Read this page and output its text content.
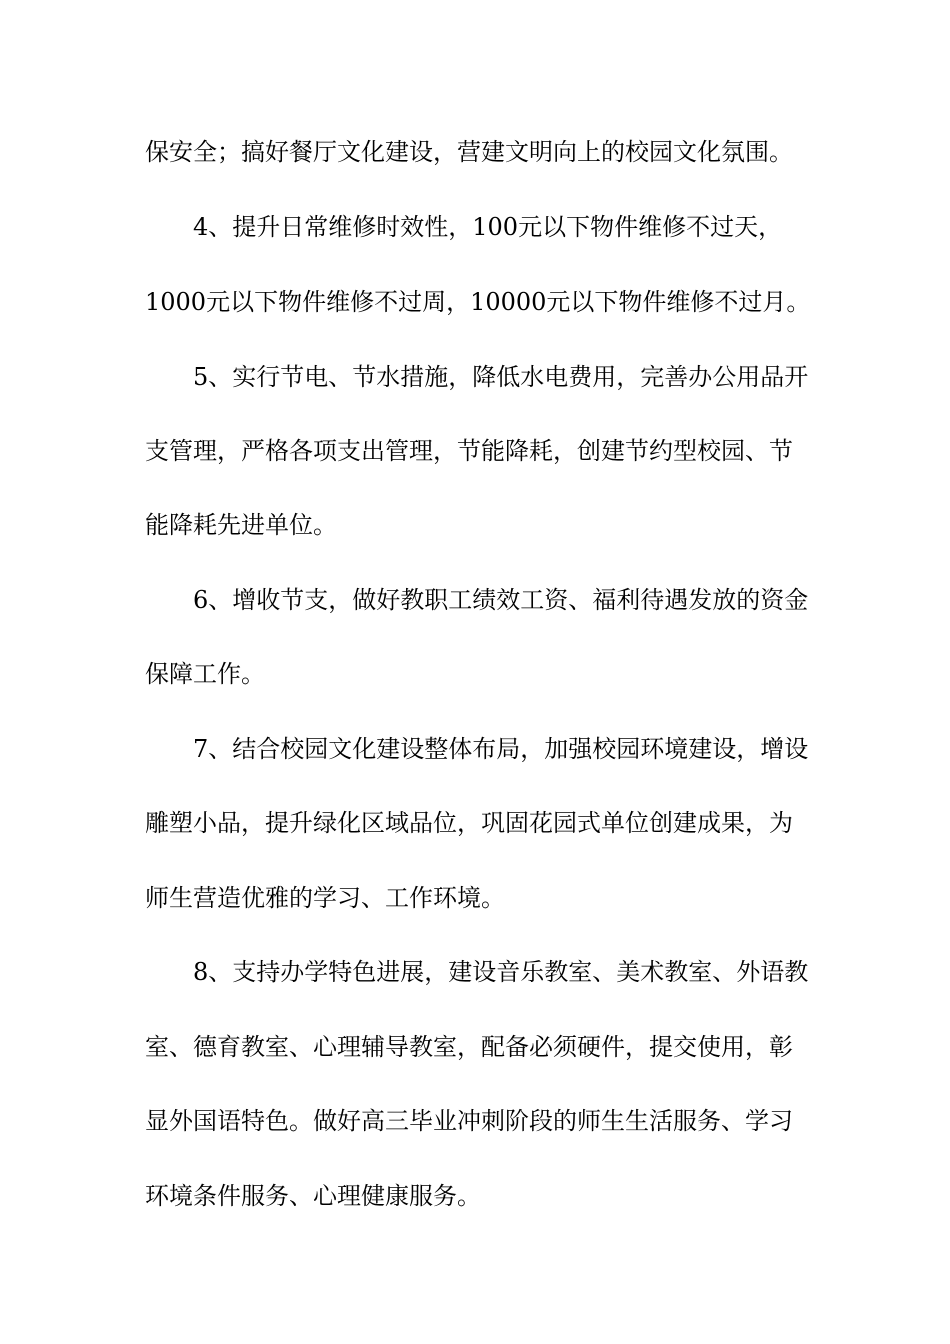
保安全；搞好餐厅文化建设，营建文明向上的校园文化氛围。
4、提升日常维修时效性，100元以下物件维修不过天，
1000元以下物件维修不过周，10000元以下物件维修不过月。
5、实行节电、节水措施，降低水电费用，完善办公用品开
支管理，严格各项支出管理，节能降耗，创建节约型校园、节
能降耗先进单位。
6、增收节支，做好教职工绩效工资、福利待遇发放的资金
保障工作。
7、结合校园文化建设整体布局，加强校园环境建设，增设
雕塑小品，提升绿化区域品位，巩固花园式单位创建成果，为
师生营造优雅的学习、工作环境。
8、支持办学特色进展，建设音乐教室、美术教室、外语教
室、德育教室、心理辅导教室，配备必须硬件，提交使用，彰
显外国语特色。做好高三毕业冲刺阶段的师生生活服务、学习
环境条件服务、心理健康服务。
